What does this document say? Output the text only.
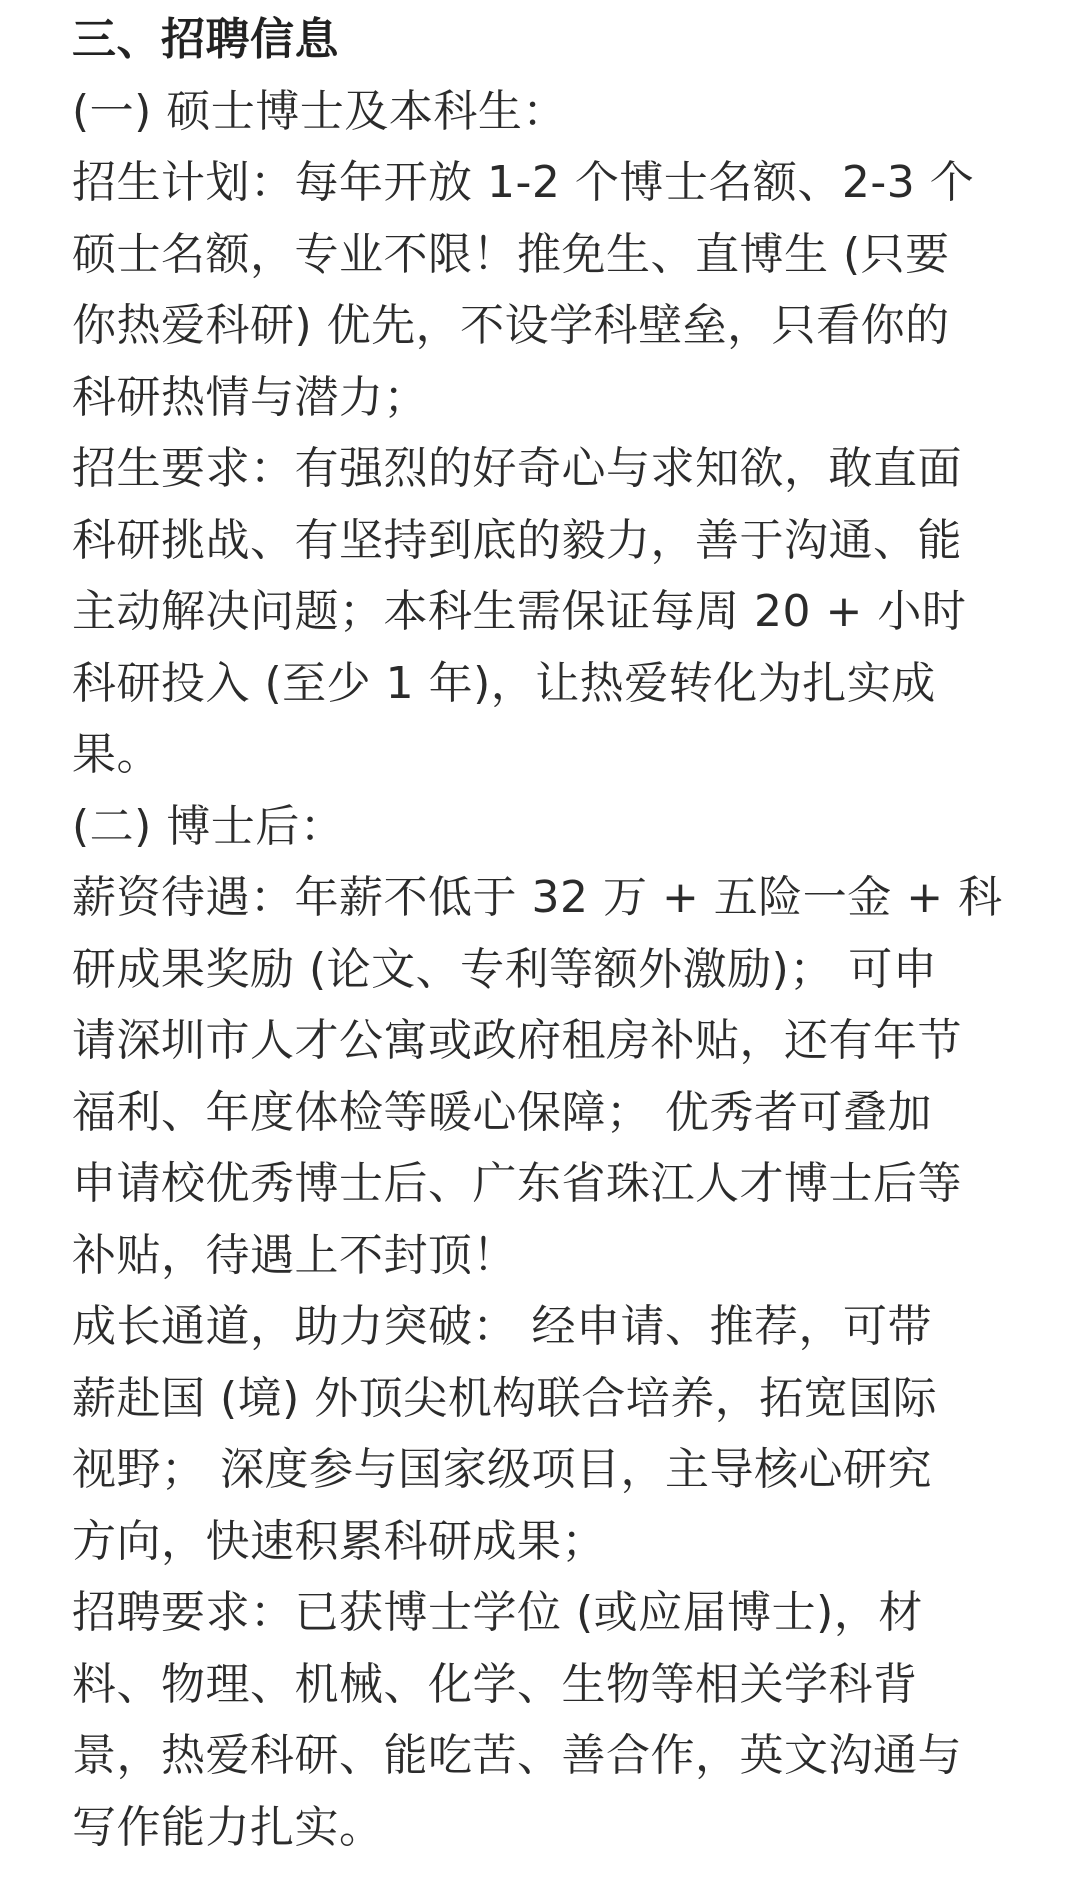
三、招聘信息
(一) 硕士博士及本科生：
招生计划：每年开放 1-2 个博士名额、2-3 个
硕士名额，专业不限！推免生、直博生 (只要
你热爱科研) 优先，不设学科壁垒，只看你的
科研热情与潜力；
招生要求：有强烈的好奇心与求知欲，敢直面
科研挑战、有坚持到底的毅力，善于沟通、能
主动解决问题；本科生需保证每周 20 + 小时
科研投入 (至少 1 年)，让热爱转化为扎实成
果。
(二) 博士后：
薪资待遇：年薪不低于 32 万 + 五险一金 + 科
研成果奖励 (论文、专利等额外激励)； 可申
请深圳市人才公寓或政府租房补贴，还有年节
福利、年度体检等暖心保障； 优秀者可叠加
申请校优秀博士后、广东省珠江人才博士后等
补贴，待遇上不封顶！
成长通道，助力突破： 经申请、推荐，可带
薪赴国 (境) 外顶尖机构联合培养，拓宽国际
视野； 深度参与国家级项目，主导核心研究
方向，快速积累科研成果；
招聘要求：已获博士学位 (或应届博士)，材
料、物理、机械、化学、生物等相关学科背
景，热爱科研、能吃苦、善合作，英文沟通与
写作能力扎实。
